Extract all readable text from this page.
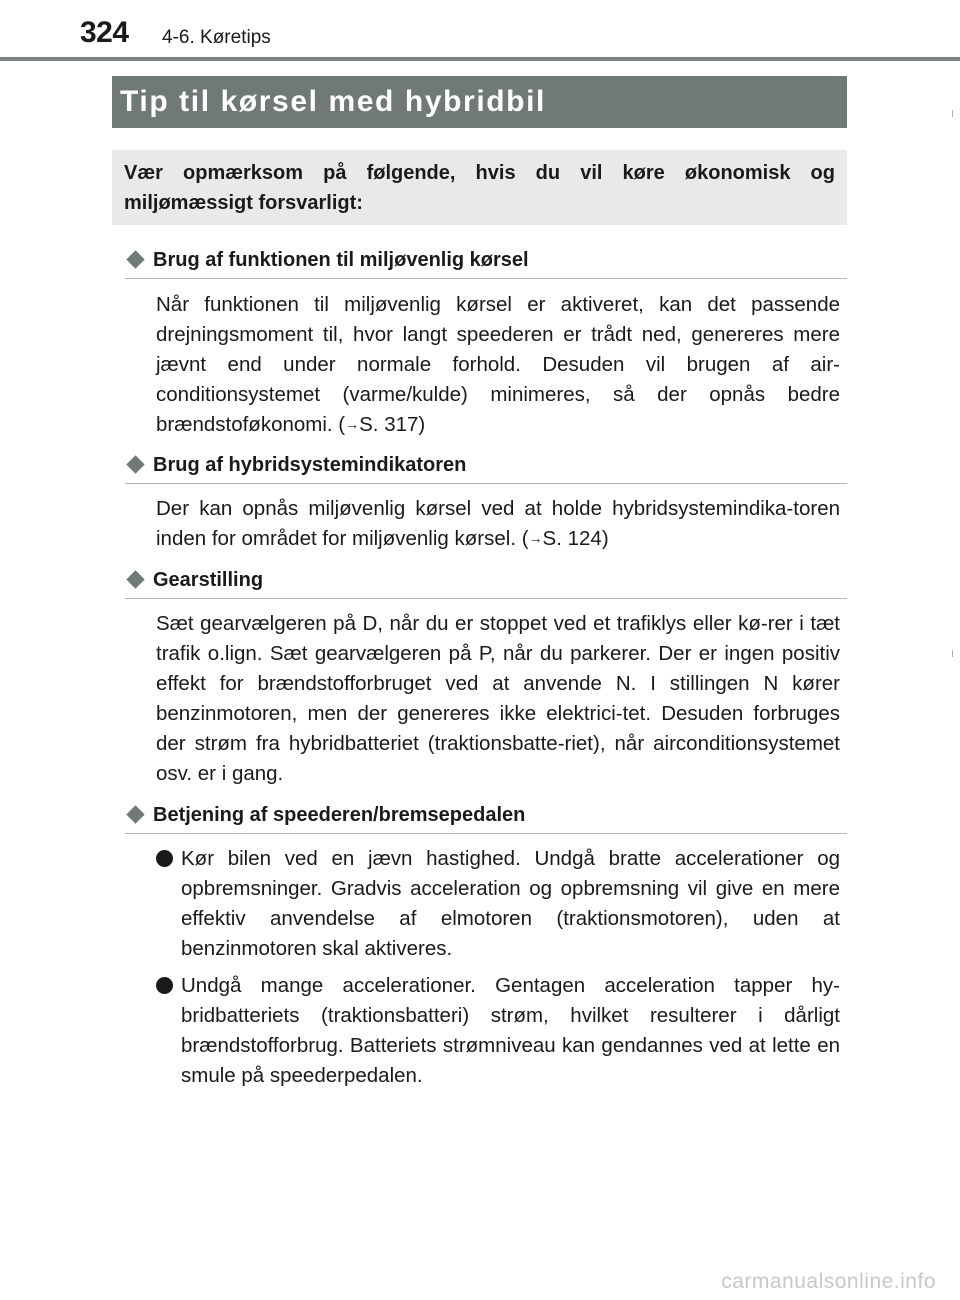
324 4-6. Køretips
Tip til kørsel med hybridbil
Vær opmærksom på følgende, hvis du vil køre økonomisk og miljømæssigt forsvarligt:
Brug af funktionen til miljøvenlig kørsel

Når funktionen til miljøvenlig kørsel er aktiveret, kan det passende drejningsmoment til, hvor langt speederen er trådt ned, genereres mere jævnt end under normale forhold. Desuden vil brugen af air-conditionsystemet (varme/kulde) minimeres, så der opnås bedre brændstoføkonomi. (→S. 317)

Brug af hybridsystemindikatoren

Der kan opnås miljøvenlig kørsel ved at holde hybridsystemindika-toren inden for området for miljøvenlig kørsel. (→S. 124)

Gearstilling

Sæt gearvælgeren på D, når du er stoppet ved et trafiklys eller kø-rer i tæt trafik o.lign. Sæt gearvælgeren på P, når du parkerer. Der er ingen positiv effekt for brændstofforbruget ved at anvende N. I stillingen N kører benzinmotoren, men der genereres ikke elektrici-tet. Desuden forbruges der strøm fra hybridbatteriet (traktionsbatte-riet), når airconditionsystemet osv. er i gang.

Betjening af speederen/bremsepedalen
Kør bilen ved en jævn hastighed. Undgå bratte accelerationer og opbremsninger. Gradvis acceleration og opbremsning vil give en mere effektiv anvendelse af elmotoren (traktionsmotoren), uden at benzinmotoren skal aktiveres.
Undgå mange accelerationer. Gentagen acceleration tapper hy-bridbatteriets (traktionsbatteri) strøm, hvilket resulterer i dårligt brændstofforbrug. Batteriets strømniveau kan gendannes ved at lette en smule på speederpedalen.
carmanualsonline.info
